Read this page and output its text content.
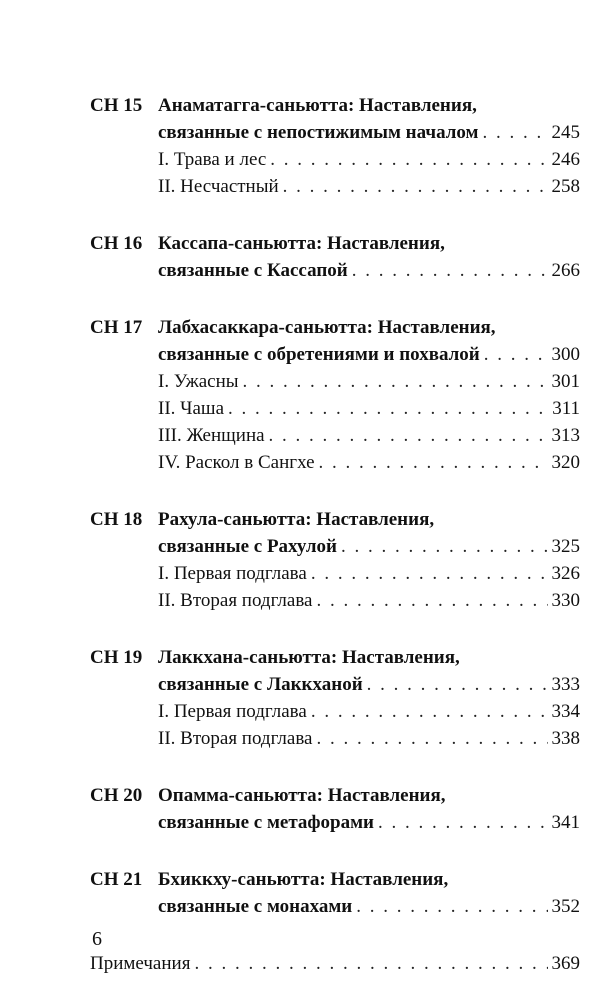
СН 15 Анаматагга-саньютта: Наставления,
связанные с непостижимым началом . . .	245
I. Трава и лес . . .	246
II. Несчастный . . .	258
СН 16 Кассапа-саньютта: Наставления,
связанные с Кассапой . . .	266
СН 17 Лабхасаккара-саньютта: Наставления,
связанные с обретениями и похвалой . . .	300
I. Ужасны . . .	301
II. Чаша . . .	311
III. Женщина . . .	313
IV. Раскол в Сангхе . . .	320
СН 18 Рахула-саньютта: Наставления,
связанные с Рахулой . . .	325
I. Первая подглава . . .	326
II. Вторая подглава . . .	330
СН 19 Лаккхана-саньютта: Наставления,
связанные с Лаккханой . . .	333
I. Первая подглава . . .	334
II. Вторая подглава . . .	338
СН 20 Опамма-саньютта: Наставления,
связанные с метафорами . . .	341
СН 21 Бхиккху-саньютта: Наставления,
связанные с монахами . . .	352
Примечания . . .	369
6
